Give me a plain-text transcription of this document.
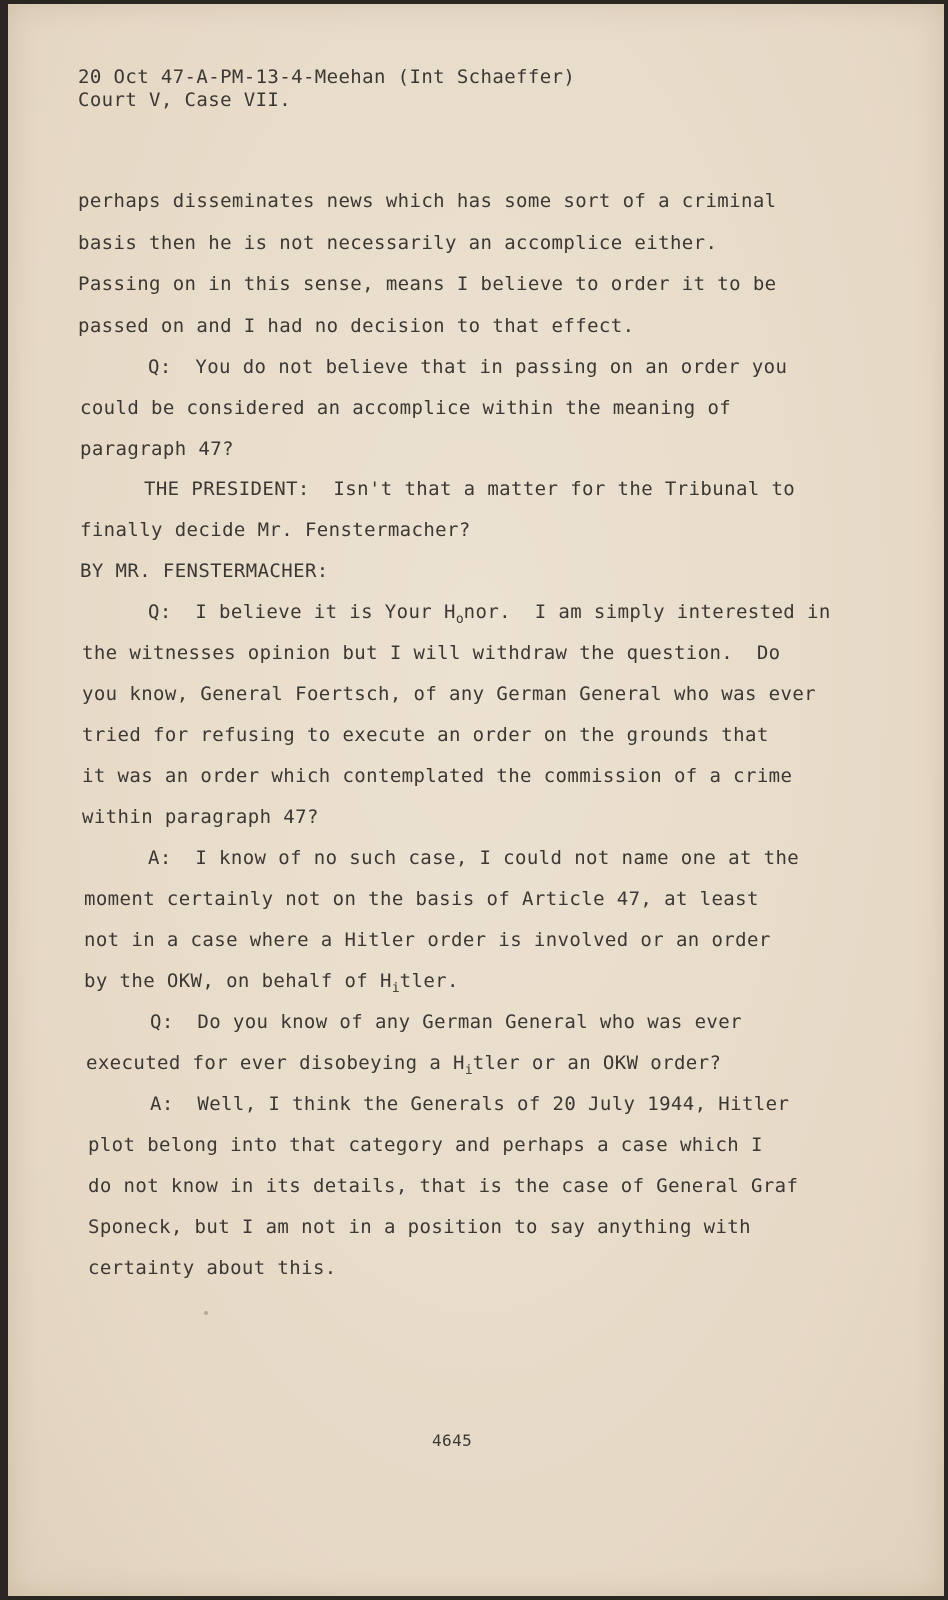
20 Oct 47-A-PM-13-4-Meehan (Int Schaeffer)
Court V, Case VII.
perhaps disseminates news which has some sort of a criminal
basis then he is not necessarily an accomplice either.
Passing on in this sense, means I believe to order it to be
passed on and I had no decision to that effect.
Q:  You do not believe that in passing on an order you
could be considered an accomplice within the meaning of
paragraph 47?
THE PRESIDENT:  Isn't that a matter for the Tribunal to
finally decide Mr. Fenstermacher?
BY MR. FENSTERMACHER:
Q:  I believe it is Your $H_onor$.  I am simply interested in
the witnesses opinion but I will withdraw the question.  Do
you know, General Foertsch, of any German General who was ever
tried for refusing to execute an order on the grounds that
it was an order which contemplated the commission of a crime
within paragraph 47?
A:  I know of no such case, I could not name one at the
moment certainly not on the basis of Article 47, at least
not in a case where a Hitler order is involved or an order
by the OKW, on behalf of $H_itler$.
Q:  Do you know of any German General who was ever
executed for ever disobeying a $H_itler$ or an OKW order?
A:  Well, I think the Generals of 20 July 1944, Hitler
plot belong into that category and perhaps a case which I
do not know in its details, that is the case of General Graf
Sponeck, but I am not in a position to say anything with
certainty about this.
4645
